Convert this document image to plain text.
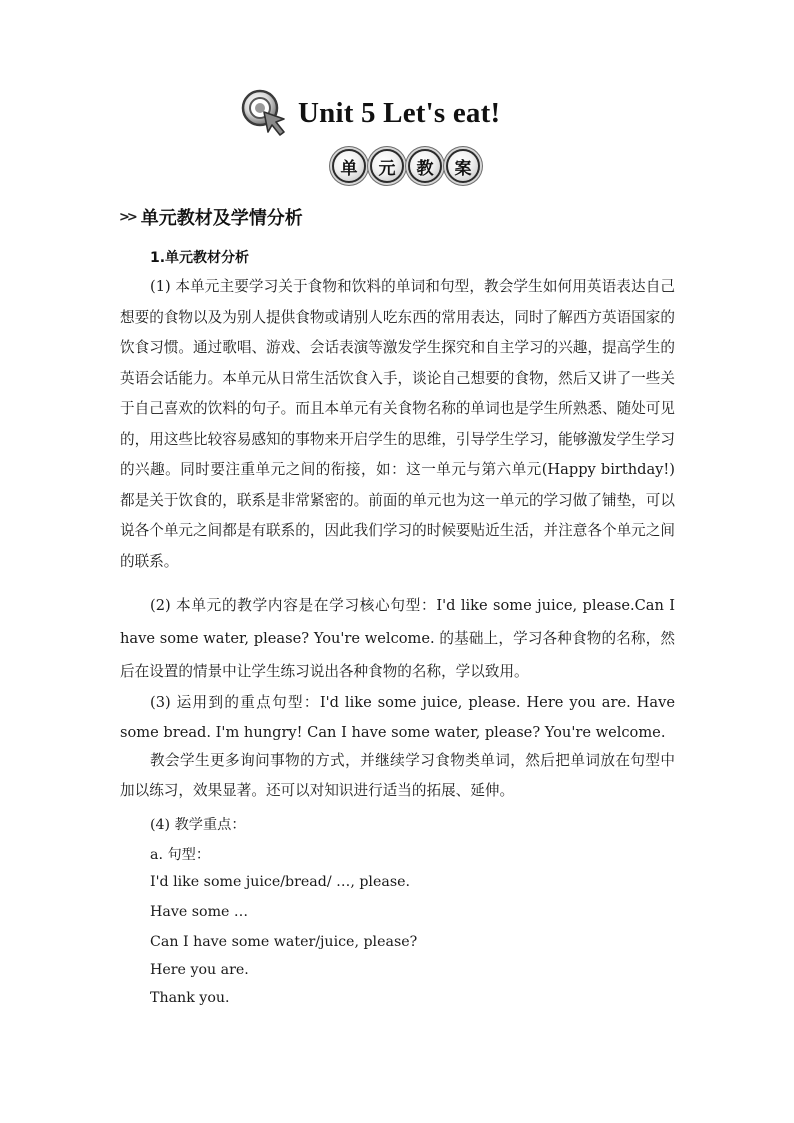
Unit 5 Let's eat!
单	元	教	案
>> 单元教材及学情分析
1.单元教材分析
(1) 本单元主要学习关于食物和饮料的单词和句型，教会学生如何用英语表达自己想要的食物以及为别人提供食物或请别人吃东西的常用表达，同时了解西方英语国家的饮食习惯。通过歌唱、游戏、会话表演等激发学生探究和自主学习的兴趣，提高学生的英语会话能力。本单元从日常生活饮食入手，谈论自己想要的食物，然后又讲了一些关于自己喜欢的饮料的句子。而且本单元有关食物名称的单词也是学生所熟悉、随处可见的，用这些比较容易感知的事物来开启学生的思维，引导学生学习，能够激发学生学习的兴趣。同时要注重单元之间的衔接，如：这一单元与第六单元(Happy birthday!) 都是关于饮食的，联系是非常紧密的。前面的单元也为这一单元的学习做了铺垫，可以说各个单元之间都是有联系的，因此我们学习的时候要贴近生活，并注意各个单元之间的联系。
(2) 本单元的教学内容是在学习核心句型：I'd like some juice, please.Can I have some water, please? You're welcome. 的基础上，学习各种食物的名称，然后在设置的情景中让学生练习说出各种食物的名称，学以致用。
(3) 运用到的重点句型：I'd like some juice, please. Here you are. Have some bread. I'm hungry! Can I have some water, please? You're welcome.
教会学生更多询问事物的方式，并继续学习食物类单词，然后把单词放在句型中加以练习，效果显著。还可以对知识进行适当的拓展、延伸。
(4) 教学重点：
a. 句型：
I'd like some juice/bread/ …, please.
Have some …
Can I have some water/juice, please?
Here you are.
Thank you.
